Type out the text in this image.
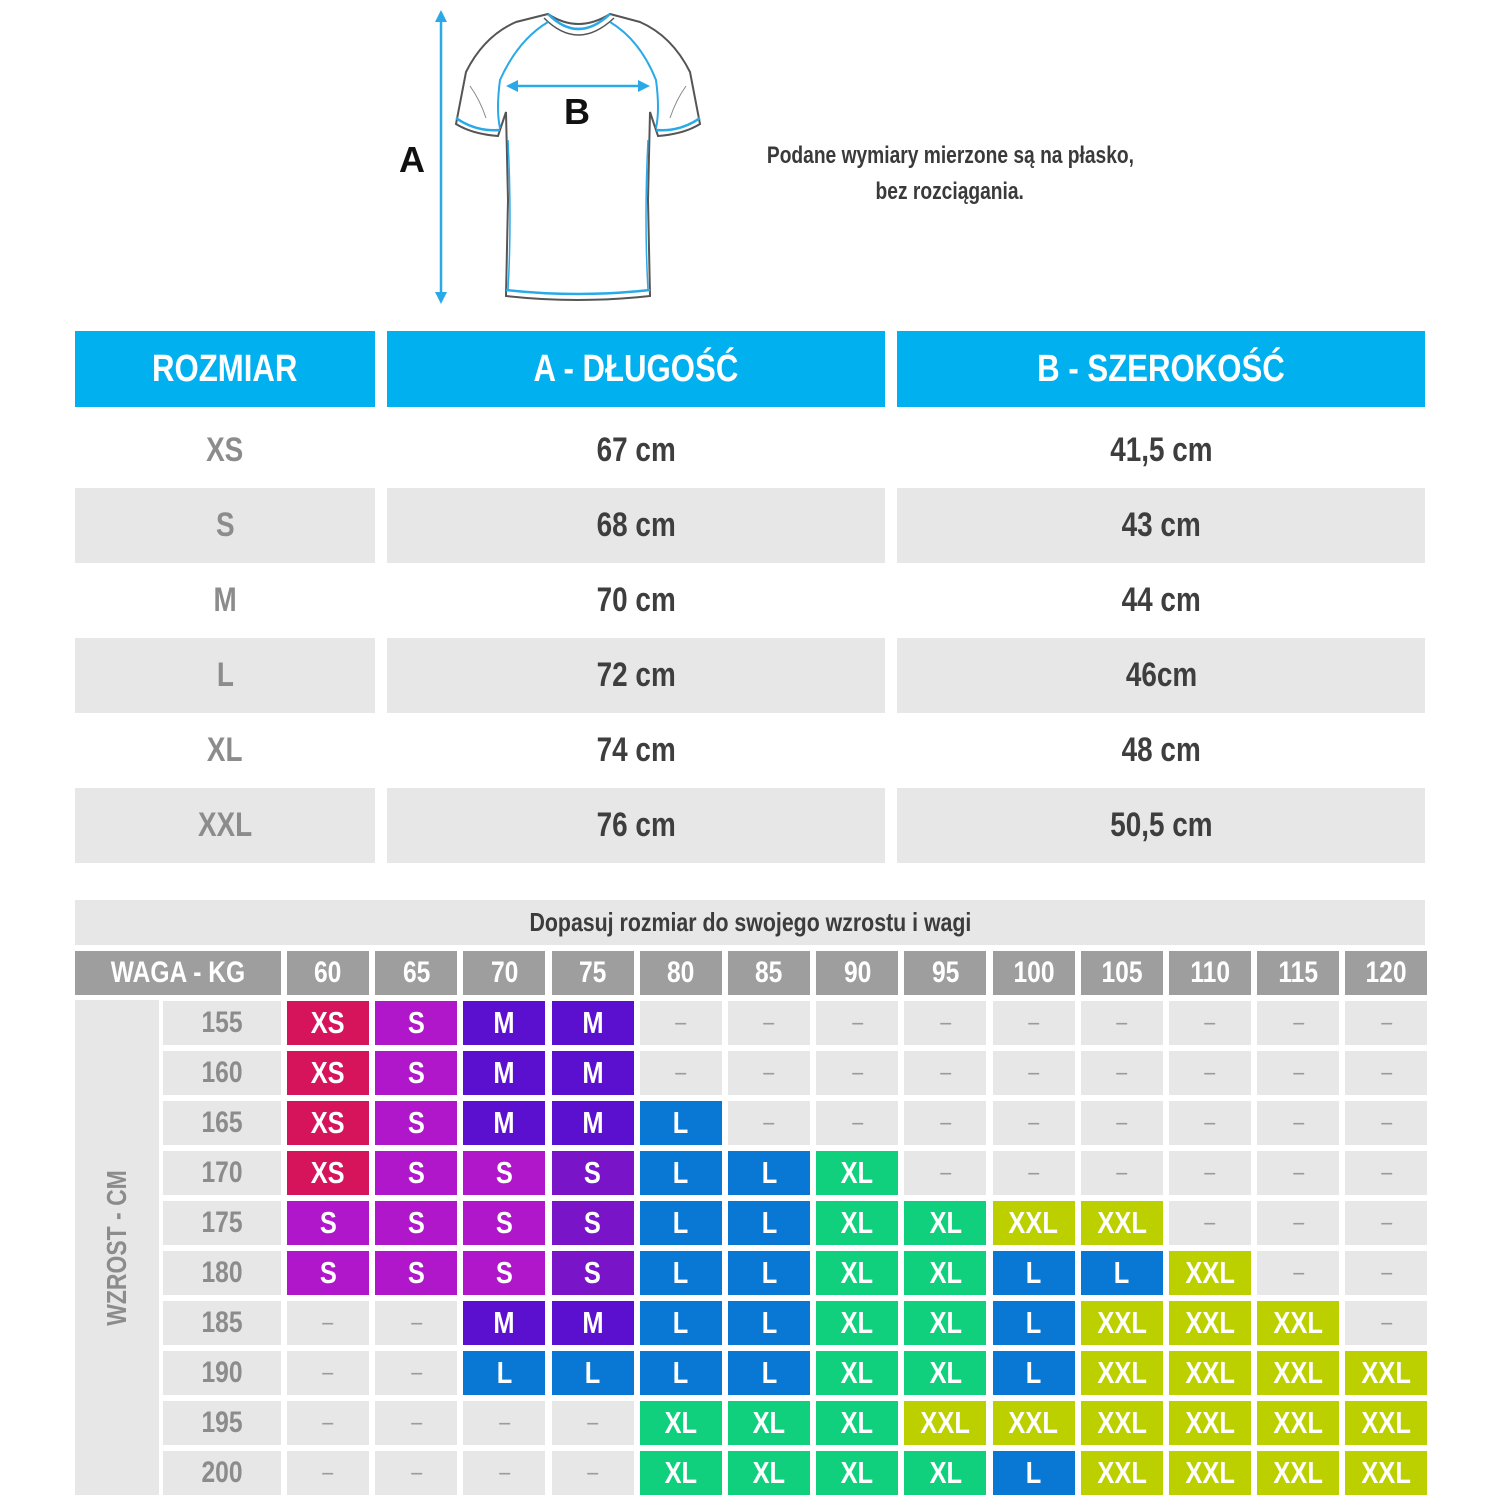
B
A	Podane wymiary mierzone są na płasko,
bez rozciągania.
ROZMIAR	A - DŁUGOŚĆ	B - SZEROKOŚĆ
XS	67 cm	41,5 cm
S	68 cm	43 cm
M	70 cm	44 cm
L	72 cm	46cm
XL	74 cm	48 cm
XXL	76 cm	50,5 cm
Dopasuj rozmiar do swojego wzrostu i wagi
WAGA - KG
WZROST - CM
60 65 70 75 80 85 90 95 100 105 110 115 120
155 XS S M M	–	–	–	–	–	–	–	–	–
160 XS S M M	–	–	–	–	–	–	–	–	–
165 XS S M M L	–	–	–	–	–	–	–	–
170 XS S S S L L XL	–	–	–	–	–	–
175 S S S S L L XL XL XXL XXL –	–	–
180 S S S S L L XL XL L L XXL –	–
185	–	– M M L L XL XL L XXL XXL XXL –
190	–	– L L L L XL XL L XXL XXL XXL XXL
195	–	–	–	– XL XL XL XXL XXL XXL XXL XXL XXL
200	–	–	–	– XL XL XL XL L XXL XXL XXL XXL
